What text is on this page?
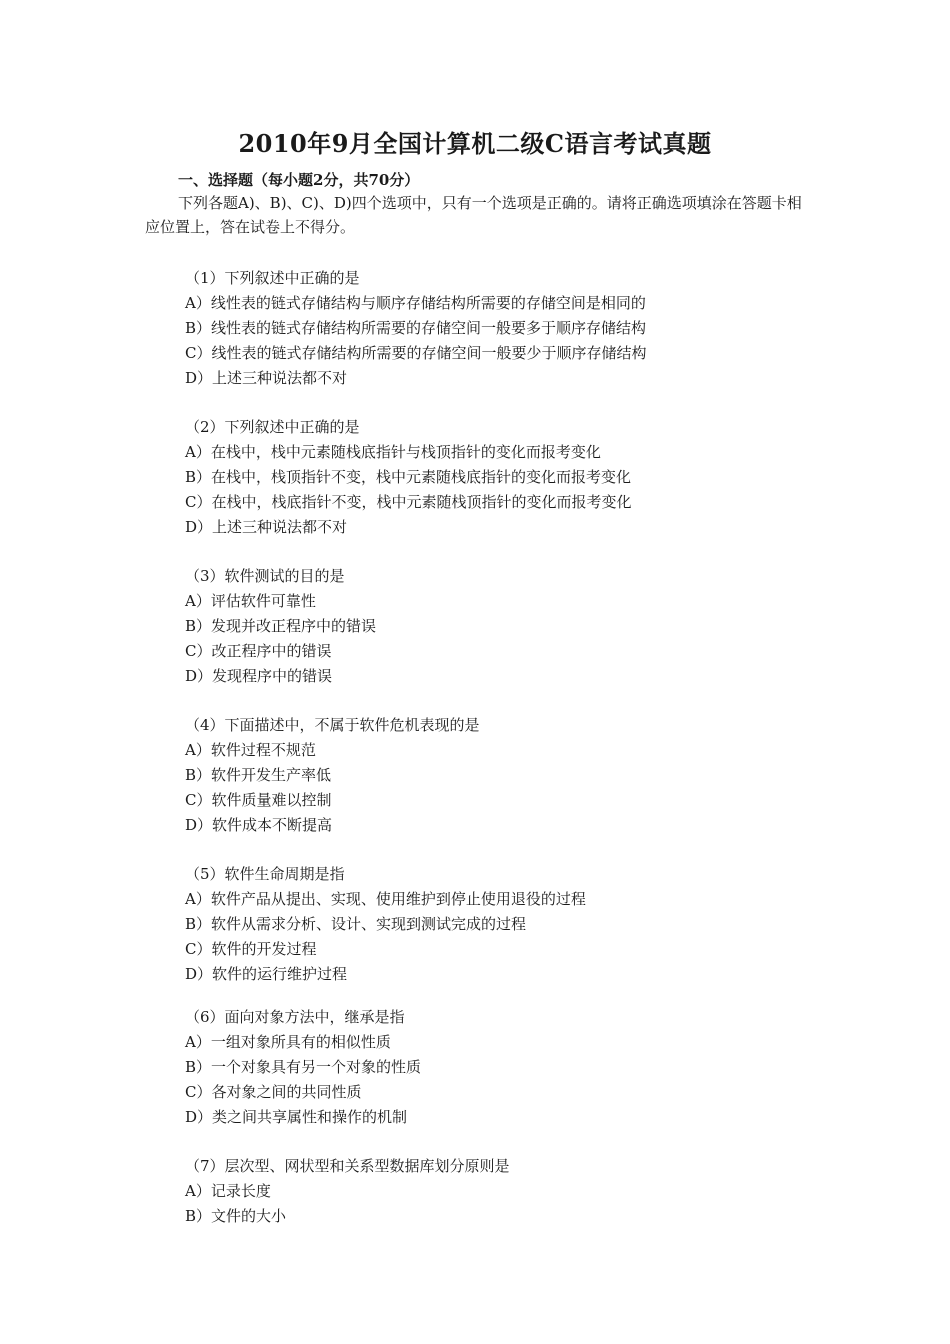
2010年9月全国计算机二级C语言考试真题

一、选择题（每小题2分，共70分）

下列各题A)、B)、C)、D)四个选项中，只有一个选项是正确的。请将正确选项填涂在答题卡相应位置上，答在试卷上不得分。

（1）下列叙述中正确的是
A）线性表的链式存储结构与顺序存储结构所需要的存储空间是相同的
B）线性表的链式存储结构所需要的存储空间一般要多于顺序存储结构
C）线性表的链式存储结构所需要的存储空间一般要少于顺序存储结构
D）上述三种说法都不对
（2）下列叙述中正确的是
A）在栈中，栈中元素随栈底指针与栈顶指针的变化而报考变化
B）在栈中，栈顶指针不变，栈中元素随栈底指针的变化而报考变化
C）在栈中，栈底指针不变，栈中元素随栈顶指针的变化而报考变化
D）上述三种说法都不对
（3）软件测试的目的是
A）评估软件可靠性
B）发现并改正程序中的错误
C）改正程序中的错误
D）发现程序中的错误
（4）下面描述中，不属于软件危机表现的是
A）软件过程不规范
B）软件开发生产率低
C）软件质量难以控制
D）软件成本不断提高
（5）软件生命周期是指
A）软件产品从提出、实现、使用维护到停止使用退役的过程
B）软件从需求分析、设计、实现到测试完成的过程
C）软件的开发过程
D）软件的运行维护过程
（6）面向对象方法中，继承是指
A）一组对象所具有的相似性质
B）一个对象具有另一个对象的性质
C）各对象之间的共同性质
D）类之间共享属性和操作的机制
（7）层次型、网状型和关系型数据库划分原则是
A）记录长度
B）文件的大小
